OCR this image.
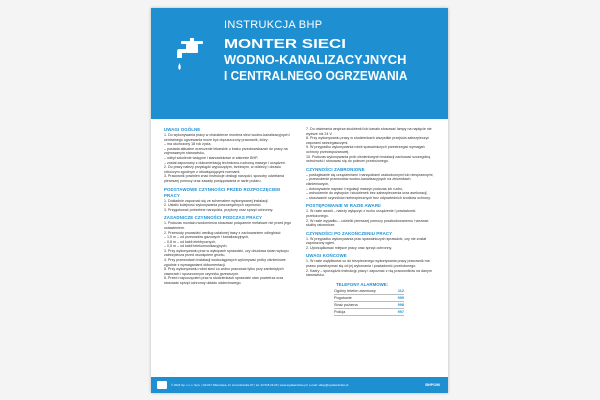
INSTRUKCJA BHP
MONTER SIECI
WODNO-KANALIZACYJNYCH
I CENTRALNEGO OGRZEWANIA
UWAGI OGÓLNE
1. Do wykonywania pracy w charakterze montera sieci wodno-kanalizacyjnych i centralnego ogrzewania może być dopuszczony pracownik, który:
– ma ukończony 18 rok życia,
– posiada aktualne orzeczenie lekarskie o braku przeciwwskazań do pracy na zajmowanym stanowisku,
– odbył szkolenie wstępne i stanowiskowe w zakresie BHP,
– został zapoznany z dokumentacją techniczno-ruchową maszyn i urządzeń.
2. Do pracy należy przystąpić wypoczętym, trzeźwym, w odzieży i obuwiu roboczym zgodnym z obowiązującymi normami.
3. Pracownik powinien znać instrukcje obsługi narzędzi, sposoby udzielania pierwszej pomocy oraz zasady postępowania w razie pożaru.
PODSTAWOWE CZYNNOŚCI PRZED ROZPOCZĘCIEM PRACY
1. Dokładnie zapoznać się ze schematem wykonywanej instalacji.
2. Ustalić kolejność wykonywania poszczególnych czynności.
3. Przygotować potrzebne narzędzia, przybory oraz sprzęt ochronny.
ZASADNICZE CZYNNOŚCI PODCZAS PRACY
1. Podczas montażu wodomierza stosować połączenie metalowe nie przed jego ustawieniem.
2. Przewody prowadzić według ustalonej trasy z zachowaniem odległości:
– 1,5 m – od przewodów gazowych i kanalizacyjnych,
– 0,8 m – od kabli elektrycznych,
– 0,5 m – od kabli telekomunikacyjnych.
3. Przy wykonywaniu prac w wykopach sprawdzić, czy obudowa ścian wykopu zabezpiecza przed osunięciem gruntu.
4. Przy przewodach instalacji wodociągowych wykonywać próby ciśnieniowe zgodnie z wymaganiami dokumentacji.
5. Przy wykonywaniu robót sieci co wolno pracować tylko przy zamkniętych zaworach i spuszczonym czynniku grzewczym.
6. Przed rozpoczęciem prac w studzienkach sprawdzić stan powietrza oraz stosować sprzęt ochronny układu oddechowego.
7. Do otwierania wnętrza studzienki lub kanału stosować lampy na napięcie nie wyższe niż 24 V.
8. Przy wykonywaniu pracy w studzienkach wszystkie przejścia zabezpieczyć zaporami ostrzegawczymi.
9. W przypadku wykonywania robót spawalniczych przestrzegać wymagań ochrony przeciwpożarowej.
10. Podczas wykonywania prób ciśnieniowych instalacji zachować szczególną ostrożność i stosować się do poleceń przełożonego.
CZYNNOŚCI ZABRONIONE
– posługiwanie się urządzeniami i narzędziami uszkodzonymi lub niesprawnymi,
– przewożenie przewodów wodno-kanalizacyjnych na zbiornikach ciśnieniowych,
– dokonywanie napraw i regulacji maszyn podczas ich ruchu,
– wchodzenie do wykopów i studzienek bez zabezpieczenia oraz asekuracji,
– stosowanie czynników niebezpiecznych bez odpowiednich środków ochrony.
POSTĘPOWANIE W RAZIE AWARII
1. W razie awarii – należy wyłączyć z ruchu urządzenie i powiadomić przełożonego.
2. W razie wypadku – udzielić pierwszej pomocy poszkodowanemu i wezwać służby ratownicze.
CZYNNOŚCI PO ZAKOŃCZENIU PRACY
1. W przypadku wykonywania prac spawalniczych sprawdzić, czy nie został zaprószony ogień.
2. Uporządkować miejsce pracy oraz sprzęt ochronny.
UWAGI KOŃCOWE
1. W razie wątpliwości co do bezpiecznego wykonywania pracy pracownik ma prawo powstrzymać się od jej wykonania i powiadomić przełożonego.
2. Kadry – sporządzić instrukcję pracy i zapoznać z nią pracowników na danym stanowisku.
TELEFONY ALARMOWE:
Ogólny telefon alarmowy	112
Pogotowie	999
Straż pożarna	998
Policja	997
© 2024 Sp. z o.o. Sp.k. | 02-017 Warszawa, Al. Jerozolimskie 97 | tel. 22 518 29 29 | www.wydawnictwo.pl | e-mail: sklep@wydawnictwo.pl	BHP/190
